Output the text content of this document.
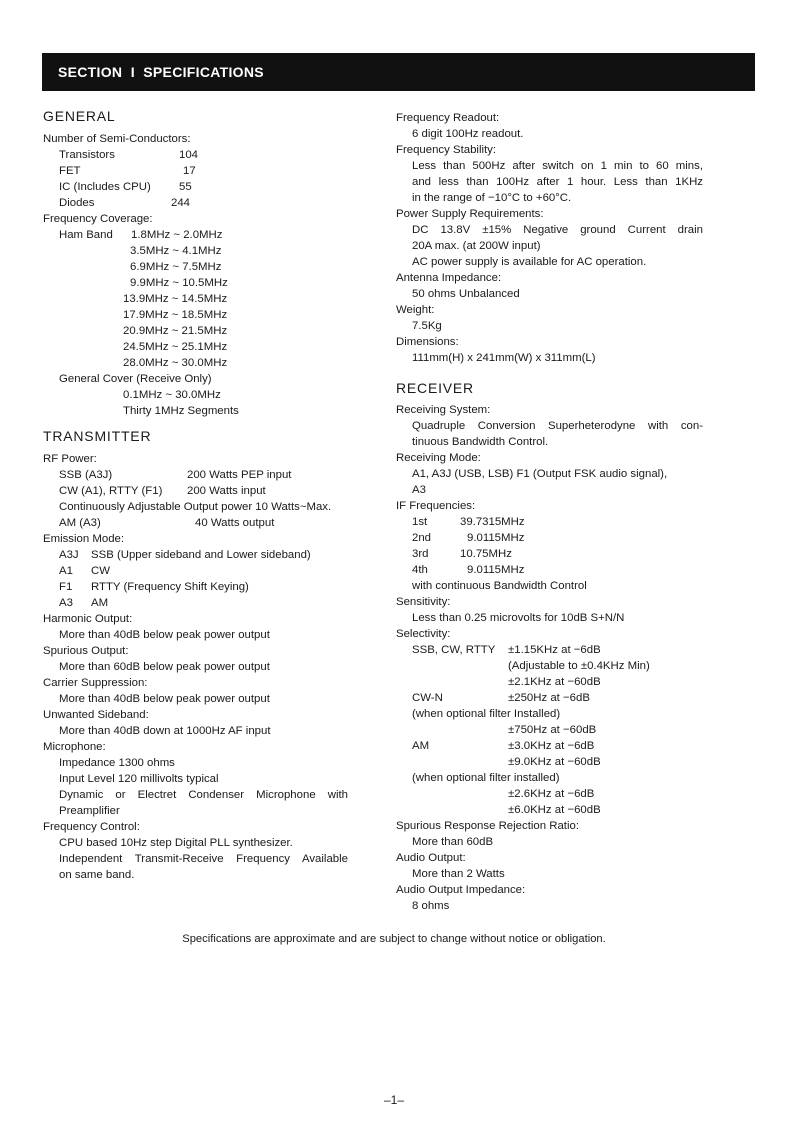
SECTION  I  SPECIFICATIONS
GENERAL
Number of Semi-Conductors:
Transistors	104
FET	17
IC (Includes CPU) 55
Diodes	244
Frequency Coverage:
Ham Band 1.8MHz ~ 2.0MHz
3.5MHz ~ 4.1MHz
6.9MHz ~ 7.5MHz
9.9MHz ~ 10.5MHz
13.9MHz ~ 14.5MHz
17.9MHz ~ 18.5MHz
20.9MHz ~ 21.5MHz
24.5MHz ~ 25.1MHz
28.0MHz ~ 30.0MHz
General Cover (Receive Only)
0.1MHz ~ 30.0MHz
Thirty 1MHz Segments
TRANSMITTER
RF Power:
SSB (A3J)	200 Watts PEP input
CW (A1), RTTY (F1) 200 Watts input
Continuously Adjustable Output power 10 Watts~Max.
AM (A3)	40 Watts output
Emission Mode:
A3J SSB (Upper sideband and Lower sideband)
A1 CW
F1 RTTY (Frequency Shift Keying)
A3 AM
Harmonic Output:
More than 40dB below peak power output
Spurious Output:
More than 60dB below peak power output
Carrier Suppression:
More than 40dB below peak power output
Unwanted Sideband:
More than 40dB down at 1000Hz AF input
Microphone:
Impedance 1300 ohms
Input Level 120 millivolts typical
Dynamic or Electret Condenser Microphone with
Preamplifier
Frequency Control:
CPU based 10Hz step Digital PLL synthesizer.
Independent Transmit-Receive Frequency Available
on same band.
Frequency Readout:
6 digit 100Hz readout.
Frequency Stability:
Less than 500Hz after switch on 1 min to 60 mins,
and less than 100Hz after 1 hour. Less than 1KHz
in the range of −10°C to +60°C.
Power Supply Requirements:
DC 13.8V ±15% Negative ground Current drain
20A max. (at 200W input)
AC power supply is available for AC operation.
Antenna Impedance:
50 ohms Unbalanced
Weight:
7.5Kg
Dimensions:
111mm(H) x 241mm(W) x 311mm(L)
RECEIVER
Receiving System:
Quadruple Conversion Superheterodyne with con-
tinuous Bandwidth Control.
Receiving Mode:
A1, A3J (USB, LSB) F1 (Output FSK audio signal),
A3
IF Frequencies:
1st	39.7315MHz
2nd	9.0115MHz
3rd	10.75MHz
4th	9.0115MHz
with continuous Bandwidth Control
Sensitivity:
Less than 0.25 microvolts for 10dB S+N/N
Selectivity:
SSB, CW, RTTY ±1.15KHz at −6dB
(Adjustable to ±0.4KHz Min)
±2.1KHz at −60dB
CW-N	±250Hz at −6dB
(when optional filter Installed)
±750Hz at −60dB
AM	±3.0KHz at −6dB
±9.0KHz at −60dB
(when optional filter installed)
±2.6KHz at −6dB
±6.0KHz at −60dB
Spurious Response Rejection Ratio:
More than 60dB
Audio Output:
More than 2 Watts
Audio Output Impedance:
8 ohms
Specifications are approximate and are subject to change without notice or obligation.
–1–
